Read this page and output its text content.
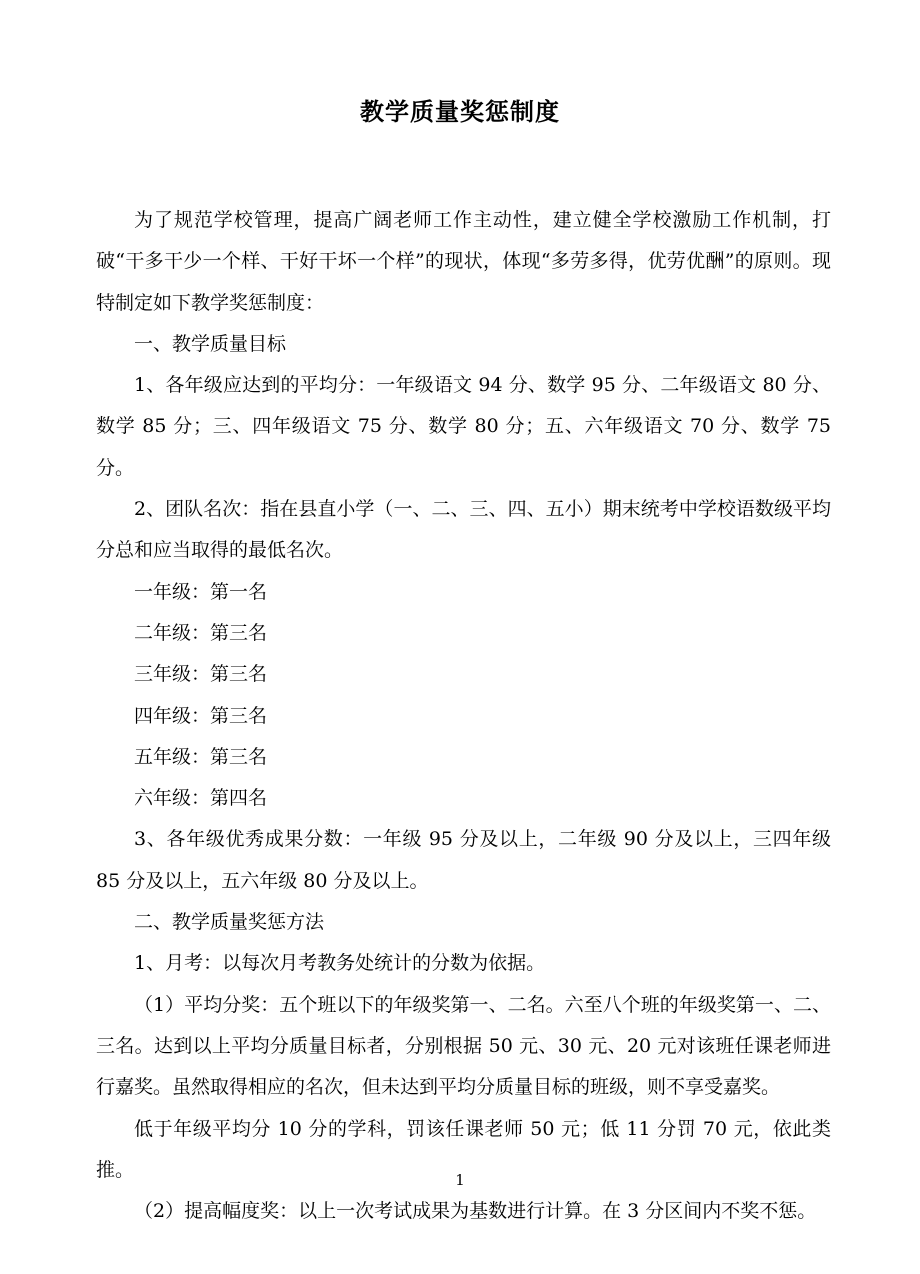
教学质量奖惩制度

为了规范学校管理，提高广阔老师工作主动性，建立健全学校激励工作机制，打破“干多干少一个样、干好干坏一个样”的现状，体现“多劳多得，优劳优酬”的原则。现特制定如下教学奖惩制度：

一、教学质量目标

1、各年级应达到的平均分：一年级语文 94 分、数学 95 分、二年级语文 80 分、数学 85 分；三、四年级语文 75 分、数学 80 分；五、六年级语文 70 分、数学 75 分。

2、团队名次：指在县直小学（一、二、三、四、五小）期末统考中学校语数级平均分总和应当取得的最低名次。

一年级：第一名

二年级：第三名

三年级：第三名

四年级：第三名

五年级：第三名

六年级：第四名

3、各年级优秀成果分数：一年级 95 分及以上，二年级 90 分及以上，三四年级 85 分及以上，五六年级 80 分及以上。

二、教学质量奖惩方法

1、月考：以每次月考教务处统计的分数为依据。

（1）平均分奖：五个班以下的年级奖第一、二名。六至八个班的年级奖第一、二、三名。达到以上平均分质量目标者，分别根据 50 元、30 元、20 元对该班任课老师进行嘉奖。虽然取得相应的名次，但未达到平均分质量目标的班级，则不享受嘉奖。

低于年级平均分 10 分的学科，罚该任课老师 50 元；低 11 分罚 70 元，依此类推。

（2）提高幅度奖：以上一次考试成果为基数进行计算。在 3 分区间内不奖不惩。

1
